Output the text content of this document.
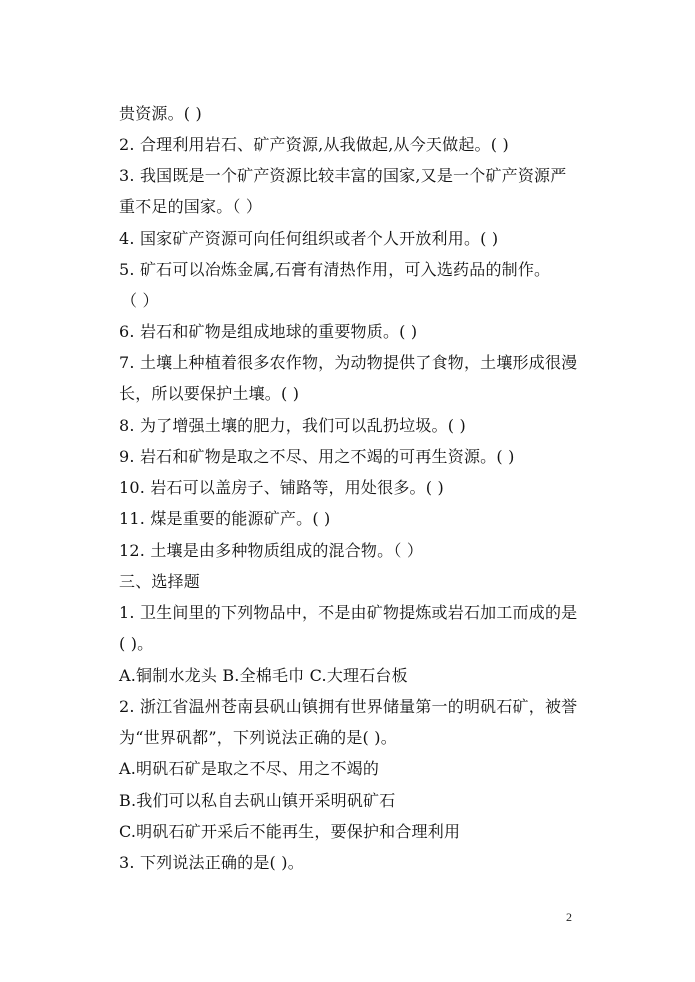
贵资源。( )
2. 合理利用岩石、矿产资源,从我做起,从今天做起。( )
3. 我国既是一个矿产资源比较丰富的国家,又是一个矿产资源严
重不足的国家。（ ）
4. 国家矿产资源可向任何组织或者个人开放利用。( )
5. 矿石可以冶炼金属,石膏有清热作用，可入选药品的制作。
（ ）
6. 岩石和矿物是组成地球的重要物质。( )
7. 土壤上种植着很多农作物，为动物提供了食物，土壤形成很漫
长，所以要保护土壤。( )
8. 为了增强土壤的肥力，我们可以乱扔垃圾。( )
9. 岩石和矿物是取之不尽、用之不竭的可再生资源。( )
10. 岩石可以盖房子、铺路等，用处很多。( )
11. 煤是重要的能源矿产。( )
12. 土壤是由多种物质组成的混合物。（ ）
三、选择题
1. 卫生间里的下列物品中，不是由矿物提炼或岩石加工而成的是
( )。
A.铜制水龙头 B.全棉毛巾 C.大理石台板
2. 浙江省温州苍南县矾山镇拥有世界储量第一的明矾石矿，被誉
为“世界矾都”，下列说法正确的是( )。
A.明矾石矿是取之不尽、用之不竭的
B.我们可以私自去矾山镇开采明矾矿石
C.明矾石矿开采后不能再生，要保护和合理利用
3. 下列说法正确的是( )。
2
